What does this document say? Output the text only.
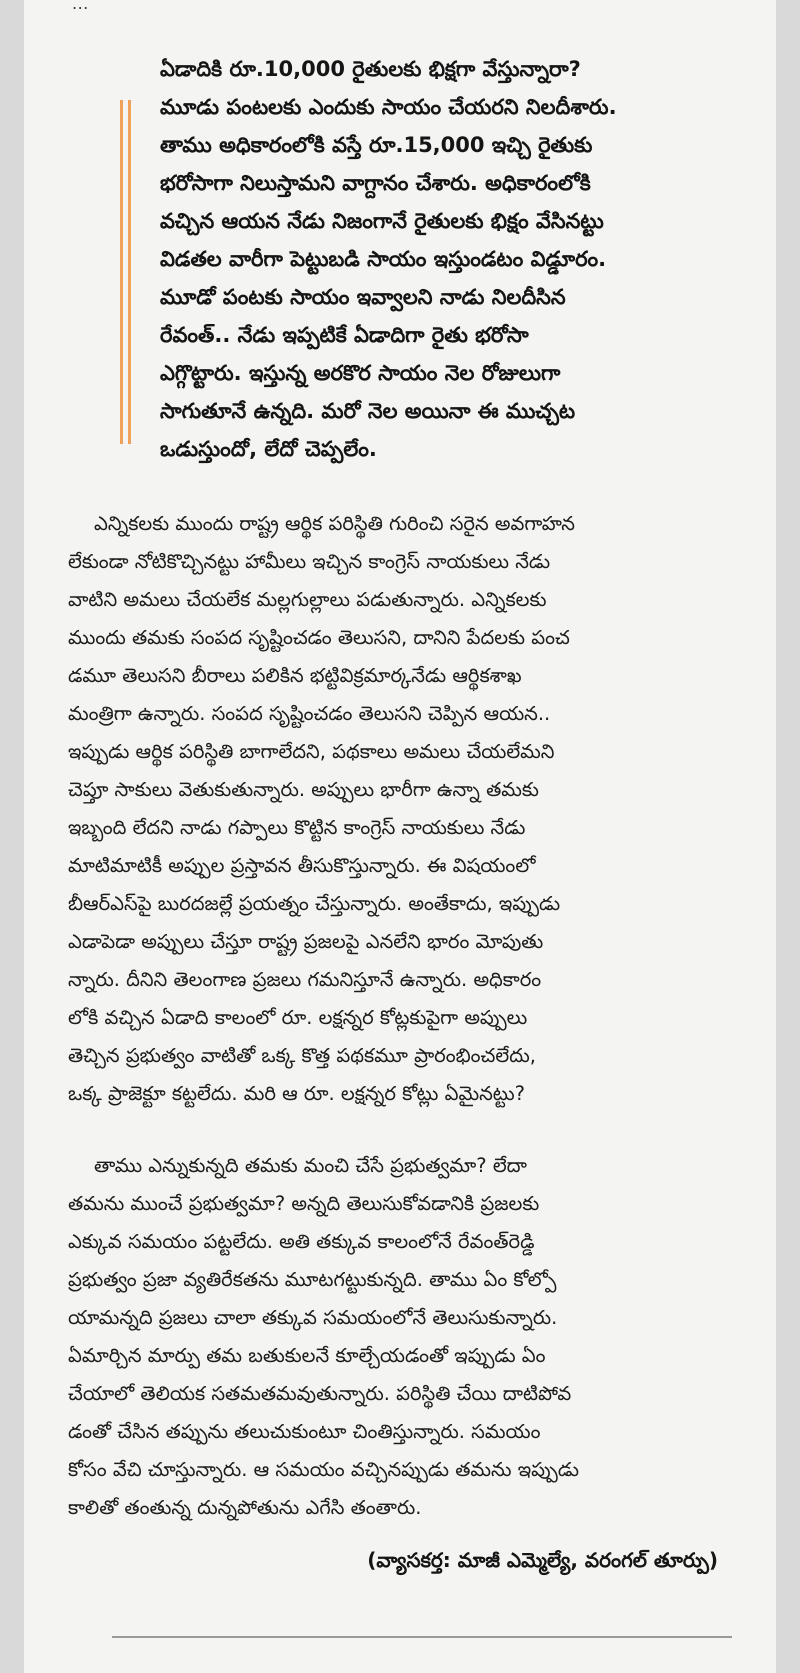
...
ఏడాదికి రూ.10,000 రైతులకు భిక్షగా వేస్తున్నారా?
మూడు పంటలకు ఎందుకు సాయం చేయరని నిలదీశారు.
తాము అధికారంలోకి వస్తే రూ.15,000 ఇచ్చి రైతుకు
భరోసాగా నిలుస్తామని వాగ్దానం చేశారు. అధికారంలోకి
వచ్చిన ఆయన నేడు నిజంగానే రైతులకు భిక్షం వేసినట్టు
విడతల వారీగా పెట్టుబడి సాయం ఇస్తుండటం విడ్డూరం.
మూడో పంటకు సాయం ఇవ్వాలని నాడు నిలదీసిన
రేవంత్.. నేడు ఇప్పటికే ఏడాదిగా రైతు భరోసా
ఎగ్గొట్టారు. ఇస్తున్న అరకొర సాయం నెల రోజులుగా
సాగుతూనే ఉన్నది. మరో నెల అయినా ఈ ముచ్చట
ఒడుస్తుందో, లేదో చెప్పలేం.
ఎన్నికలకు ముందు రాష్ట్ర ఆర్థిక పరిస్థితి గురించి సరైన అవగాహన
లేకుండా నోటికొచ్చినట్టు హామీలు ఇచ్చిన కాంగ్రెస్ నాయకులు నేడు
వాటిని అమలు చేయలేక మల్లగుల్లాలు పడుతున్నారు. ఎన్నికలకు
ముందు తమకు సంపద సృష్టించడం తెలుసని, దానిని పేదలకు పంచ
డమూ తెలుసని బీరాలు పలికిన భట్టివిక్రమార్కనేడు ఆర్థికశాఖ
మంత్రిగా ఉన్నారు. సంపద సృష్టించడం తెలుసని చెప్పిన ఆయన..
ఇప్పుడు ఆర్థిక పరిస్థితి బాగాలేదని, పథకాలు అమలు చేయలేమని
చెప్తూ సాకులు వెతుకుతున్నారు. అప్పులు భారీగా ఉన్నా తమకు
ఇబ్బంది లేదని నాడు గప్పాలు కొట్టిన కాంగ్రెస్ నాయకులు నేడు
మాటిమాటికీ అప్పుల ప్రస్తావన తీసుకొస్తున్నారు. ఈ విషయంలో
బీఆర్ఎస్‌పై బురదజల్లే ప్రయత్నం చేస్తున్నారు. అంతేకాదు, ఇప్పుడు
ఎడాపెడా అప్పులు చేస్తూ రాష్ట్ర ప్రజలపై ఎనలేని భారం మోపుతు
న్నారు. దీనిని తెలంగాణ ప్రజలు గమనిస్తూనే ఉన్నారు. అధికారం
లోకి వచ్చిన ఏడాది కాలంలో రూ. లక్షన్నర కోట్లకుపైగా అప్పులు
తెచ్చిన ప్రభుత్వం వాటితో ఒక్క కొత్త పథకమూ ప్రారంభించలేదు,
ఒక్క ప్రాజెక్టూ కట్టలేదు. మరి ఆ రూ. లక్షన్నర కోట్లు ఏమైనట్టు?
తాము ఎన్నుకున్నది తమకు మంచి చేసే ప్రభుత్వమా? లేదా
తమను ముంచే ప్రభుత్వమా? అన్నది తెలుసుకోవడానికి ప్రజలకు
ఎక్కువ సమయం పట్టలేదు. అతి తక్కువ కాలంలోనే రేవంత్‌రెడ్డి
ప్రభుత్వం ప్రజా వ్యతిరేకతను మూటగట్టుకున్నది. తాము ఏం కోల్పో
యామన్నది ప్రజలు చాలా తక్కువ సమయంలోనే తెలుసుకున్నారు.
ఏమార్చిన మార్పు తమ బతుకులనే కూల్చేయడంతో ఇప్పుడు ఏం
చేయాలో తెలియక సతమతమవుతున్నారు. పరిస్థితి చేయి దాటిపోవ
డంతో చేసిన తప్పును తలుచుకుంటూ చింతిస్తున్నారు. సమయం
కోసం వేచి చూస్తున్నారు. ఆ సమయం వచ్చినప్పుడు తమను ఇప్పుడు
కాలితో తంతున్న దున్నపోతును ఎగేసి తంతారు.
(వ్యాసకర్త: మాజీ ఎమ్మెల్యే, వరంగల్ తూర్పు)
